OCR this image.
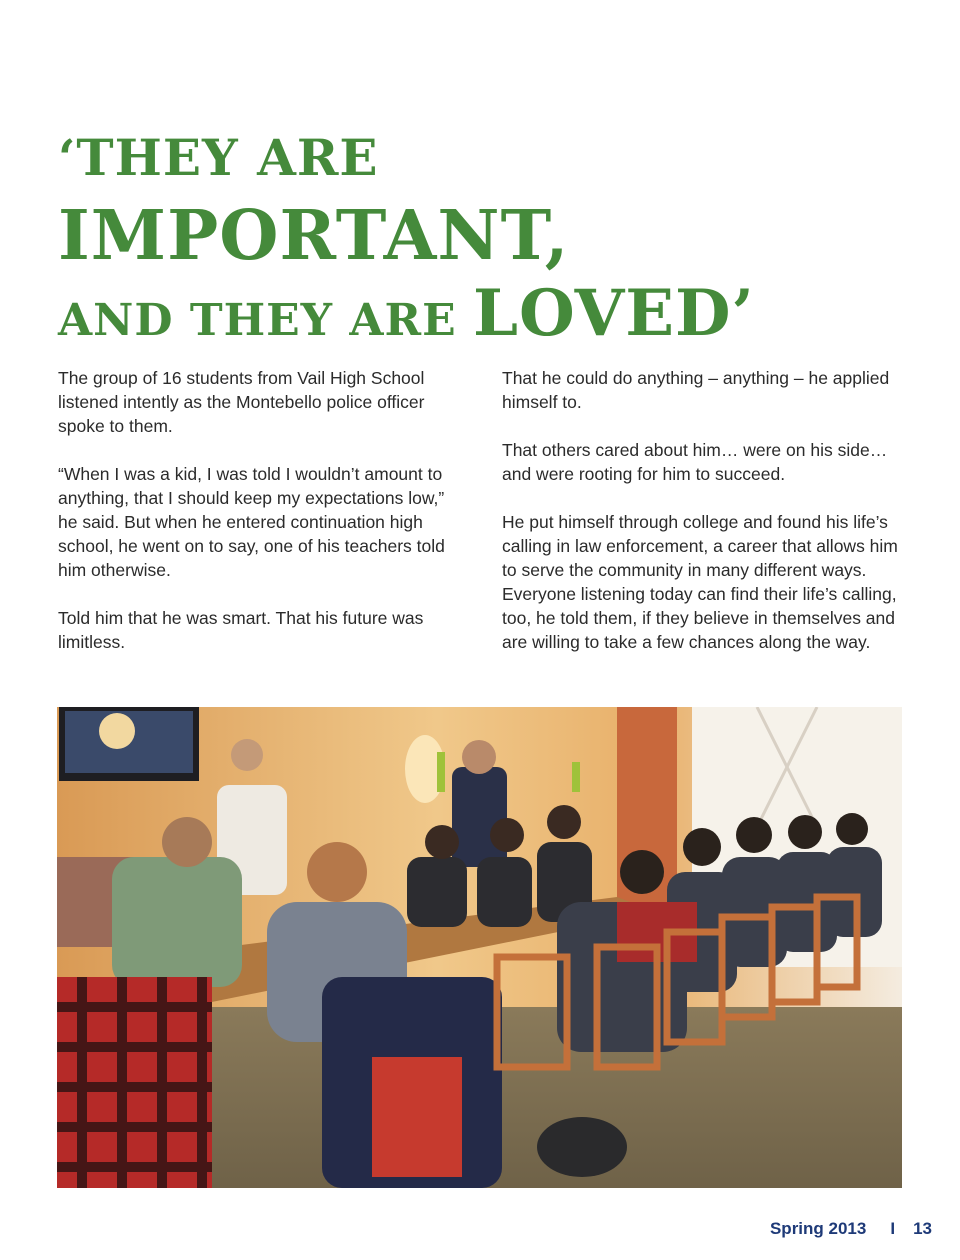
‘THEY ARE
IMPORTANT,
AND THEY ARE LOVED’

The group of 16 students from Vail High School listened intently as the Montebello police officer spoke to them.

“When I was a kid, I was told I wouldn’t amount to anything, that I should keep my expectations low,” he said. But when he entered continuation high school, he went on to say, one of his teachers told him otherwise.

Told him that he was smart. That his future was limitless.

That he could do anything – anything – he applied himself to.

That others cared about him… were on his side… and were rooting for him to succeed.

He put himself through college and found his life’s calling in law enforcement, a career that allows him to serve the community in many different ways. Everyone listening today can find their life’s calling, too, he told them, if they believe in themselves and are willing to take a few chances along the way.

Spring 2013 I 13
